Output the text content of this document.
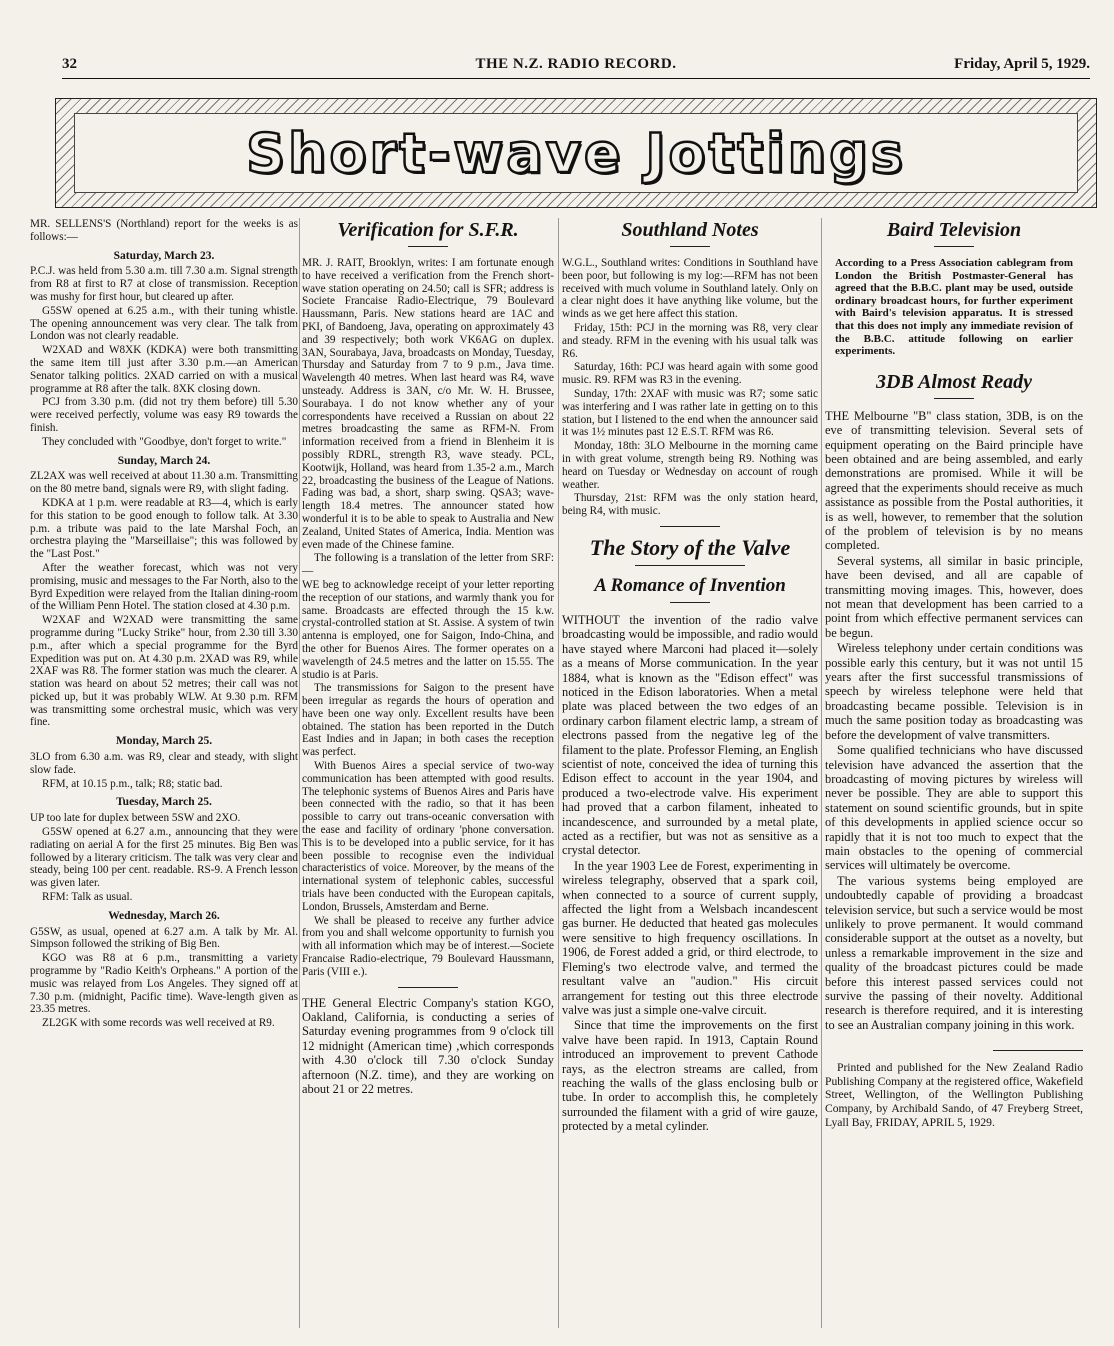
32	THE N.Z. RADIO RECORD.	Friday, April 5, 1929.
Short-wave Jottings

MR. SELLENS'S (Northland) report for the weeks is as follows:—

Saturday, March 23.

P.C.J. was held from 5.30 a.m. till 7.30 a.m. Signal strength from R8 at first to R7 at close of transmission. Reception was mushy for first hour, but cleared up after.

G5SW opened at 6.25 a.m., with their tuning whistle. The opening announcement was very clear. The talk from London was not clearly readable.

W2XAD and W8XK (KDKA) were both transmitting the same item till just after 3.30 p.m.—an American Senator talking politics. 2XAD carried on with a musical programme at R8 after the talk. 8XK closing down.

PCJ from 3.30 p.m. (did not try them before) till 5.30 were received perfectly, volume was easy R9 towards the finish.

They concluded with "Goodbye, don't forget to write."

Sunday, March 24.

ZL2AX was well received at about 11.30 a.m. Transmitting on the 80 metre band, signals were R9, with slight fading.

KDKA at 1 p.m. were readable at R3—4, which is early for this station to be good enough to follow talk. At 3.30 p.m. a tribute was paid to the late Marshal Foch, an orchestra playing the "Marseillaise"; this was followed by the "Last Post."

After the weather forecast, which was not very promising, music and messages to the Far North, also to the Byrd Expedition were relayed from the Italian dining-room of the William Penn Hotel. The station closed at 4.30 p.m.

W2XAF and W2XAD were transmitting the same programme during "Lucky Strike" hour, from 2.30 till 3.30 p.m., after which a special programme for the Byrd Expedition was put on. At 4.30 p.m. 2XAD was R9, while 2XAF was R8. The former station was much the clearer. A station was heard on about 52 metres; their call was not picked up, but it was probably WLW. At 9.30 p.m. RFM was transmitting some orchestral music, which was very fine.

Monday, March 25.

3LO from 6.30 a.m. was R9, clear and steady, with slight slow fade.

RFM, at 10.15 p.m., talk; R8; static bad.

Tuesday, March 25.

UP too late for duplex between 5SW and 2XO.

G5SW opened at 6.27 a.m., announcing that they were radiating on aerial A for the first 25 minutes. Big Ben was followed by a literary criticism. The talk was very clear and steady, being 100 per cent. readable. RS-9. A French lesson was given later.

RFM: Talk as usual.

Wednesday, March 26.

G5SW, as usual, opened at 6.27 a.m. A talk by Mr. Al. Simpson followed the striking of Big Ben.

KGO was R8 at 6 p.m., transmitting a variety programme by "Radio Keith's Orpheans." A portion of the music was relayed from Los Angeles. They signed off at 7.30 p.m. (midnight, Pacific time). Wave-length given as 23.35 metres.

ZL2GK with some records was well received at R9.

Verification for S.F.R.

MR. J. RAIT, Brooklyn, writes: I am fortunate enough to have received a verification from the French short-wave station operating on 24.50; call is SFR; address is Societe Francaise Radio-Electrique, 79 Boulevard Haussmann, Paris. New stations heard are 1AC and PKI, of Bandoeng, Java, operating on approximately 43 and 39 respectively; both work VK6AG on duplex. 3AN, Sourabaya, Java, broadcasts on Monday, Tuesday, Thursday and Saturday from 7 to 9 p.m., Java time. Wavelength 40 metres. When last heard was R4, wave unsteady. Address is 3AN, c/o Mr. W. H. Brussee, Sourabaya. I do not know whether any of your correspondents have received a Russian on about 22 metres broadcasting the same as RFM-N. From information received from a friend in Blenheim it is possibly RDRL, strength R3, wave steady. PCL, Kootwijk, Holland, was heard from 1.35-2 a.m., March 22, broadcasting the business of the League of Nations. Fading was bad, a short, sharp swing. QSA3; wave-length 18.4 metres. The announcer stated how wonderful it is to be able to speak to Australia and New Zealand, United States of America, India. Mention was even made of the Chinese famine.

The following is a translation of the letter from SRF:—

WE beg to acknowledge receipt of your letter reporting the reception of our stations, and warmly thank you for same. Broadcasts are effected through the 15 k.w. crystal-controlled station at St. Assise. A system of twin antenna is employed, one for Saigon, Indo-China, and the other for Buenos Aires. The former operates on a wavelength of 24.5 metres and the latter on 15.55. The studio is at Paris.

The transmissions for Saigon to the present have been irregular as regards the hours of operation and have been one way only. Excellent results have been obtained. The station has been reported in the Dutch East Indies and in Japan; in both cases the reception was perfect.

With Buenos Aires a special service of two-way communication has been attempted with good results. The telephonic systems of Buenos Aires and Paris have been connected with the radio, so that it has been possible to carry out trans-oceanic conversation with the ease and facility of ordinary 'phone conversation. This is to be developed into a public service, for it has been possible to recognise even the individual characteristics of voice. Moreover, by the means of the international system of telephonic cables, successful trials have been conducted with the European capitals, London, Brussels, Amsterdam and Berne.

We shall be pleased to receive any further advice from you and shall welcome opportunity to furnish you with all information which may be of interest.—Societe Francaise Radio-electrique, 79 Boulevard Haussmann, Paris (VIII e.).

THE General Electric Company's station KGO, Oakland, California, is conducting a series of Saturday evening programmes from 9 o'clock till 12 midnight (American time) ,which corresponds with 4.30 o'clock till 7.30 o'clock Sunday afternoon (N.Z. time), and they are working on about 21 or 22 metres.

Southland Notes

W.G.L., Southland writes: Conditions in Southland have been poor, but following is my log:—RFM has not been received with much volume in Southland lately. Only on a clear night does it have anything like volume, but the winds as we get here affect this station.

Friday, 15th: PCJ in the morning was R8, very clear and steady. RFM in the evening with his usual talk was R6.

Saturday, 16th: PCJ was heard again with some good music. R9. RFM was R3 in the evening.

Sunday, 17th: 2XAF with music was R7; some satic was interfering and I was rather late in getting on to this station, but I listened to the end when the announcer said it was 1½ minutes past 12 E.S.T. RFM was R6.

Monday, 18th: 3LO Melbourne in the morning came in with great volume, strength being R9. Nothing was heard on Tuesday or Wednesday on account of rough weather.

Thursday, 21st: RFM was the only station heard, being R4, with music.

The Story of the Valve
A Romance of Invention

WITHOUT the invention of the radio valve broadcasting would be impossible, and radio would have stayed where Marconi had placed it—solely as a means of Morse communication. In the year 1884, what is known as the "Edison effect" was noticed in the Edison laboratories. When a metal plate was placed between the two edges of an ordinary carbon filament electric lamp, a stream of electrons passed from the negative leg of the filament to the plate. Professor Fleming, an English scientist of note, conceived the idea of turning this Edison effect to account in the year 1904, and produced a two-electrode valve. His experiment had proved that a carbon filament, inheated to incandescence, and surrounded by a metal plate, acted as a rectifier, but was not as sensitive as a crystal detector.

In the year 1903 Lee de Forest, experimenting in wireless telegraphy, observed that a spark coil, when connected to a source of current supply, affected the light from a Welsbach incandescent gas burner. He deducted that heated gas molecules were sensitive to high frequency oscillations. In 1906, de Forest added a grid, or third electrode, to Fleming's two electrode valve, and termed the resultant valve an "audion." His circuit arrangement for testing out this three electrode valve was just a simple one-valve circuit.

Since that time the improvements on the first valve have been rapid. In 1913, Captain Round introduced an improvement to prevent Cathode rays, as the electron streams are called, from reaching the walls of the glass enclosing bulb or tube. In order to accomplish this, he completely surrounded the filament with a grid of wire gauze, protected by a metal cylinder.

Baird Television
According to a Press Association cablegram from London the British Postmaster-General has agreed that the B.B.C. plant may be used, outside ordinary broadcast hours, for further experiment with Baird's television apparatus. It is stressed that this does not imply any immediate revision of the B.B.C. attitude following on earlier experiments.
3DB Almost Ready

THE Melbourne "B" class station, 3DB, is on the eve of transmitting television. Several sets of equipment operating on the Baird principle have been obtained and are being assembled, and early demonstrations are promised. While it will be agreed that the experiments should receive as much assistance as possible from the Postal authorities, it is as well, however, to remember that the solution of the problem of television is by no means completed.

Several systems, all similar in basic principle, have been devised, and all are capable of transmitting moving images. This, however, does not mean that development has been carried to a point from which effective permanent services can be begun.

Wireless telephony under certain conditions was possible early this century, but it was not until 15 years after the first successful transmissions of speech by wireless telephone were held that broadcasting became possible. Television is in much the same position today as broadcasting was before the development of valve transmitters.

Some qualified technicians who have discussed television have advanced the assertion that the broadcasting of moving pictures by wireless will never be possible. They are able to support this statement on sound scientific grounds, but in spite of this developments in applied science occur so rapidly that it is not too much to expect that the main obstacles to the opening of commercial services will ultimately be overcome.

The various systems being employed are undoubtedly capable of providing a broadcast television service, but such a service would be most unlikely to prove permanent. It would command considerable support at the outset as a novelty, but unless a remarkable improvement in the size and quality of the broadcast pictures could be made before this interest passed services could not survive the passing of their novelty. Additional research is therefore required, and it is interesting to see an Australian company joining in this work.

Printed and published for the New Zealand Radio Publishing Company at the registered office, Wakefield Street, Wellington, of the Wellington Publishing Company, by Archibald Sando, of 47 Freyberg Street, Lyall Bay, FRIDAY, APRIL 5, 1929.
